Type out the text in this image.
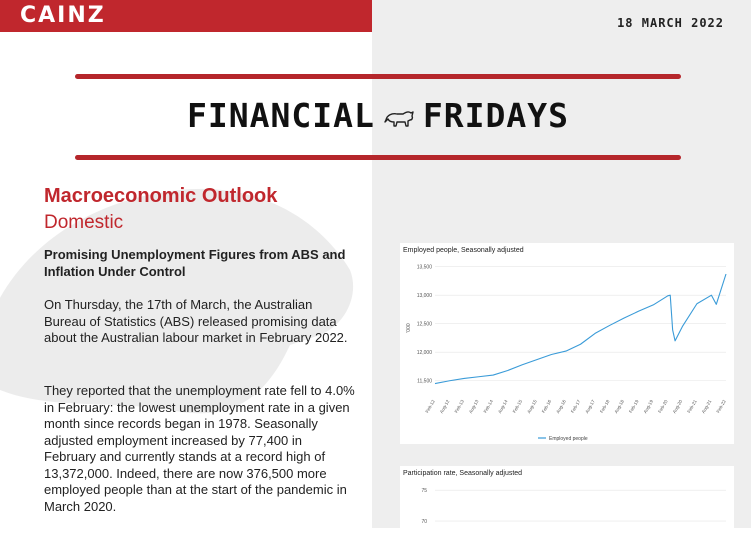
CAINZ	18 MARCH 2022
FINANCIAL FRIDAYS
Macroeconomic Outlook
Domestic
Promising Unemployment Figures from ABS and Inflation Under Control

On Thursday, the 17th of March, the Australian Bureau of Statistics (ABS) released promising data about the Australian labour market in February 2022.

They reported that the unemployment rate fell to 4.0% in February: the lowest unemployment rate in a given month since records began in 1978. Seasonally adjusted employment increased by 77,400 in February and currently stands at a record high of 13,372,000. Indeed, there are now 376,500 more employed people than at the start of the pandemic in March 2020.

Employed people, Seasonally adjusted
13,500
13,000
12,500
12,000
11,500
'000
Feb-12 Aug-12 Feb-13 Aug-13 Feb-14 Aug-14 Feb-15 Aug-15 Feb-16 Aug-16 Feb-17 Aug-17 Feb-18 Aug-18 Feb-19 Aug-19 Feb-20 Aug-20 Feb-21 Aug-21 Feb-22
Employed people
Participation rate, Seasonally adjusted
75
70
